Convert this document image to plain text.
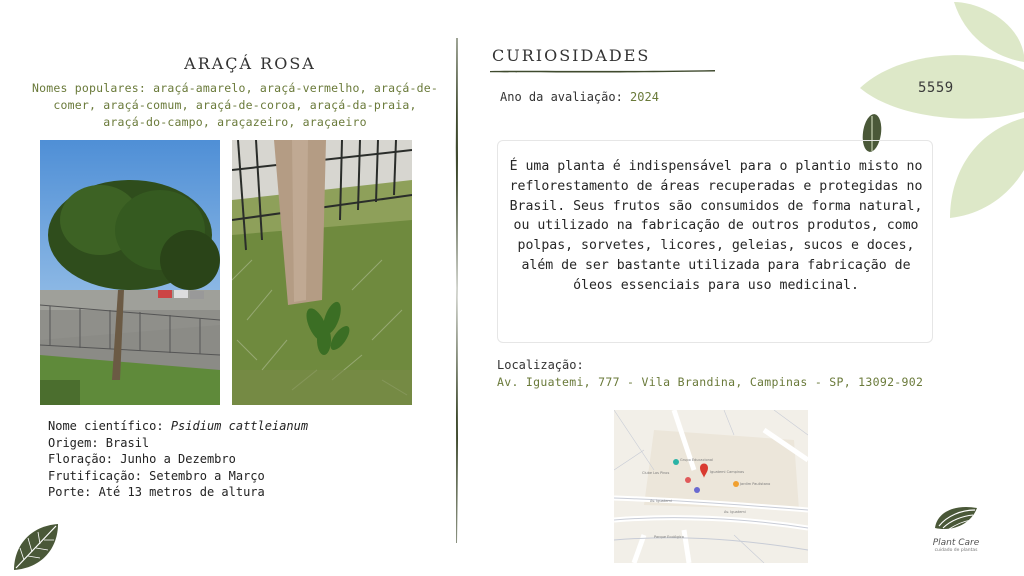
ARAÇÁ ROSA
Nomes populares: araçá-amarelo, araçá-vermelho, araçá-de-comer, araçá-comum, araçá-de-coroa, araçá-da-praia, araçá-do-campo, araçazeiro, araçaeiro
Nome científico: Psidium cattleianum
Origem: Brasil
Floração: Junho a Dezembro
Frutificação: Setembro a Março
Porte: Até 13 metros de altura
CURIOSIDADES
Ano da avaliação: 2024
É uma planta é indispensável para o plantio misto no reflorestamento de áreas recuperadas e protegidas no Brasil. Seus frutos são consumidos de forma natural, ou utilizado na fabricação de outros produtos, como polpas, sorvetes, licores, geleias, sucos e doces, além de ser bastante utilizada para fabricação de óleos essenciais para uso medicinal.
Localização:
Av. Iguatemi, 777 - Vila Brandina, Campinas - SP, 13092-902
Grupo Educacional
Clube Los Pinos	Iguatemi Campinas
Jardim Paulistano
Av. Iguatemi
Av. Iguatemi
Parque Ecológico
5559
Plant Care
cuidado de plantas
